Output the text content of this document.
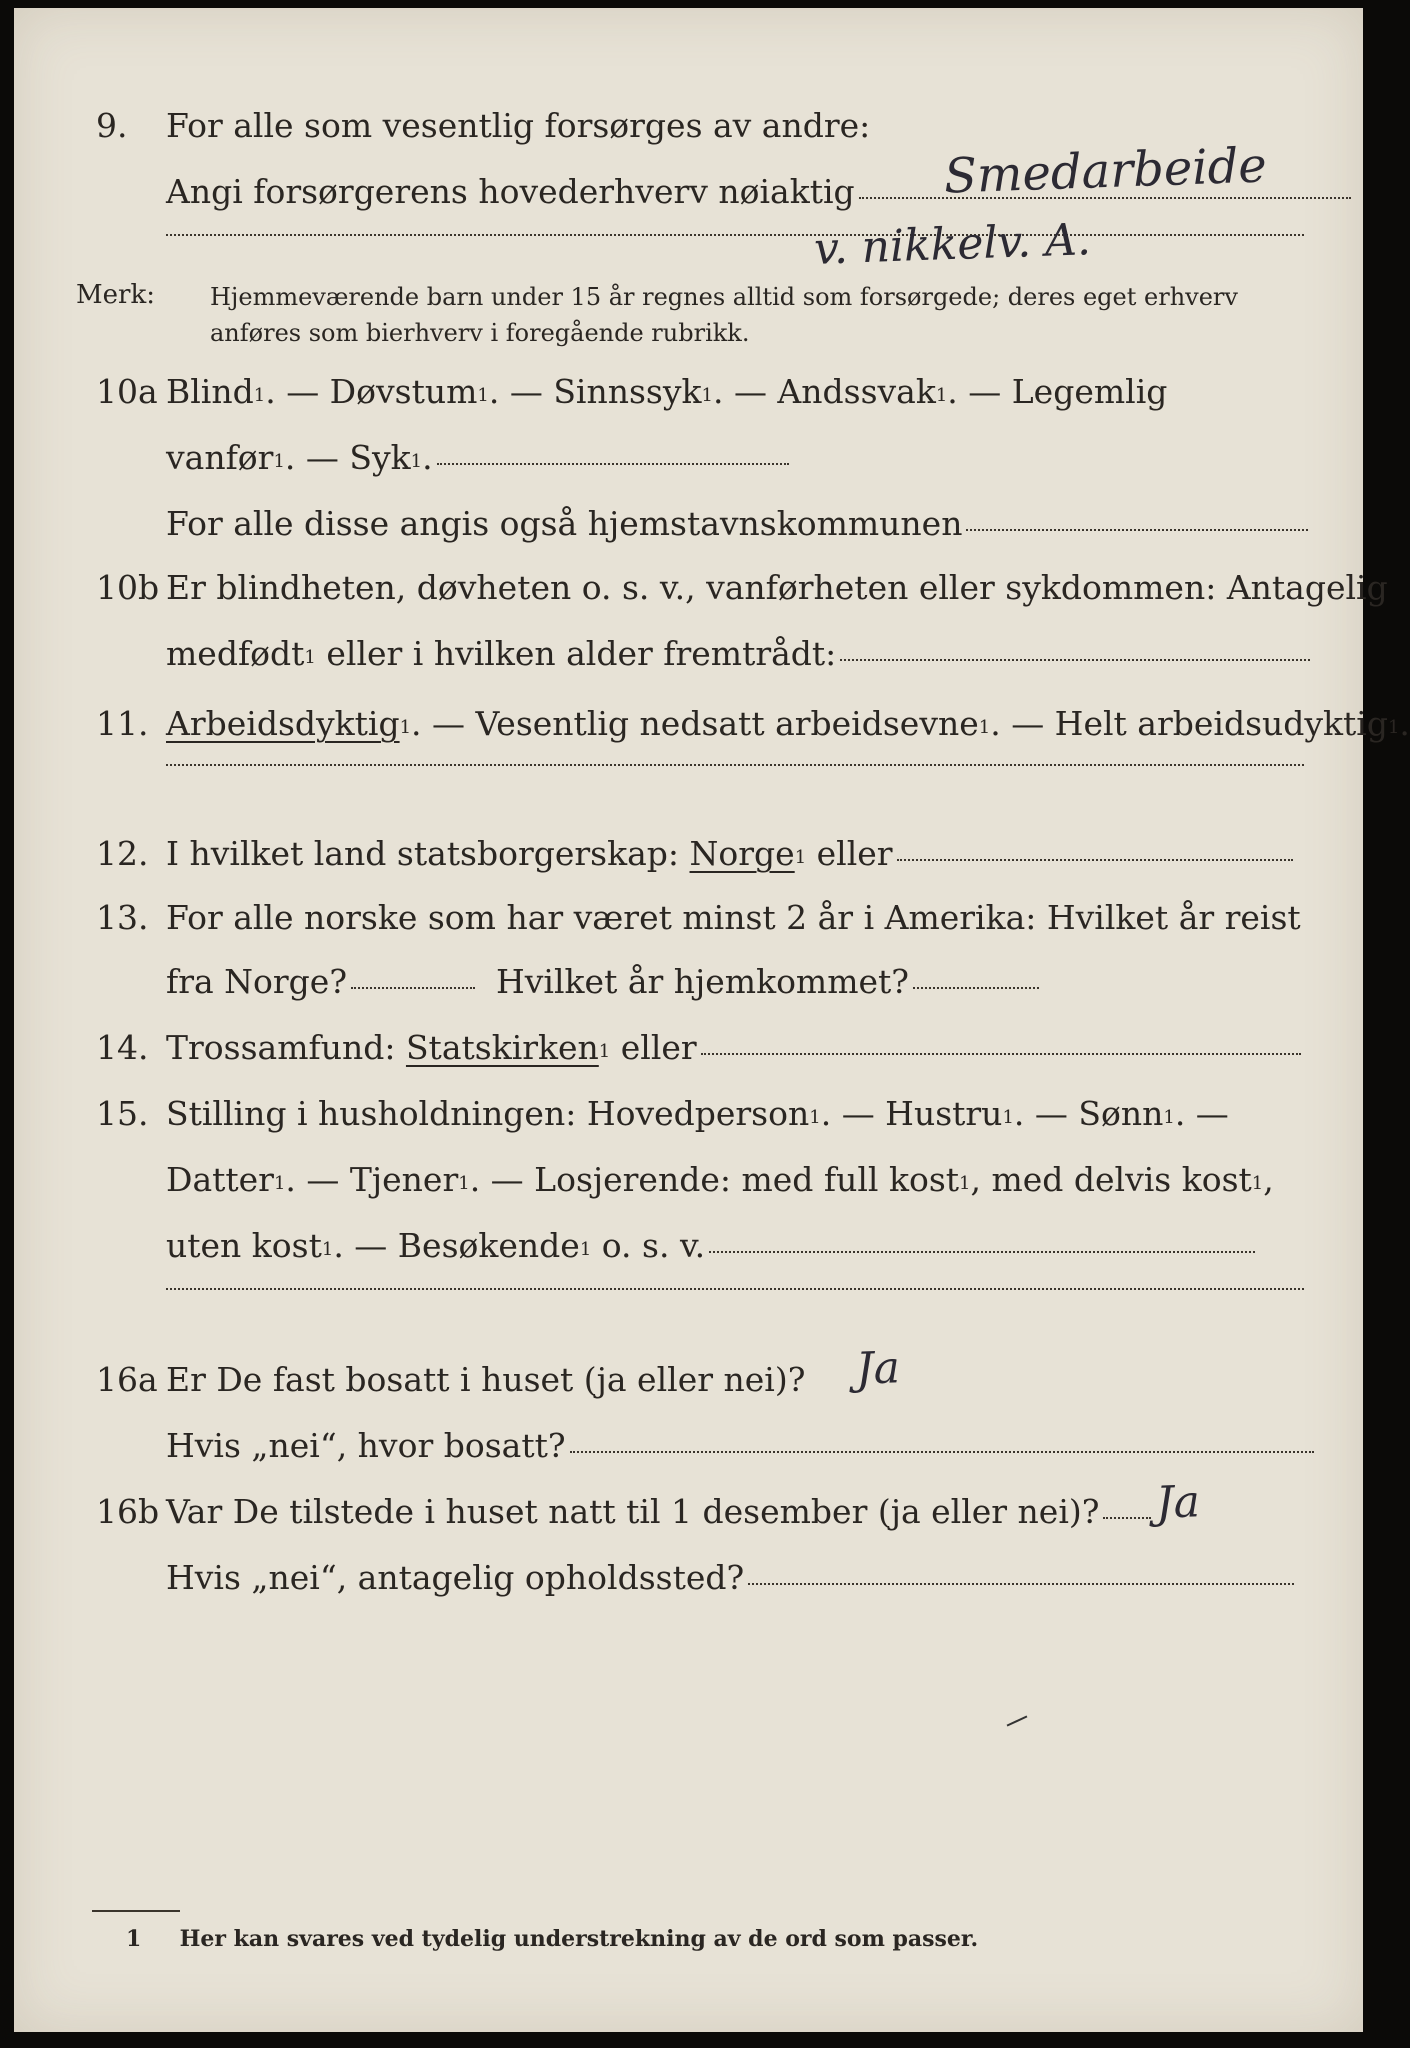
9. For alle som vesentlig forsørges av andre:
Angi forsørgerens hovederhverv nøiaktig Smedarbeide
v. nikkelv. A.
Merk: Hjemmeværende barn under 15 år regnes alltid som forsørgede; deres eget erhverv
anføres som bierhverv i foregående rubrikk.
10a Blind$^1$ . — Døvstum$^1$ . — Sinnssyk$^1$ . — Andssvak$^1$ . — Legemlig
vanfør$^1$ . — Syk$^1$ .
For alle disse angis også hjemstavnskommunen
10b Er blindheten, døvheten o. s. v., vanførheten eller sykdommen: Antagelig
medfødt$^1$
eller i hvilken alder fremtrådt:
11. Arbeidsdyktig$^1$ . — Vesentlig nedsatt arbeidsevne$^1$ . — Helt arbeidsudyktig$^1$ .
12. I hvilket land statsborgerskap:
Norge$^1$
eller
13. For alle norske som har været minst 2 år i Amerika: Hvilket år reist
fra Norge?
	Hvilket år hjemkommet?
14. Trossamfund:
Statskirken$^1$
eller
15. Stilling i husholdningen: Hovedperson$^1$ . — Hustru$^1$ . — Sønn$^1$ . —
Datter$^1$ . — Tjener$^1$ . — Losjerende: med full kost$^1$ , med delvis kost$^1$ ,
uten kost$^1$ . — Besøkende$^1$
o. s. v.
16a Er De fast bosatt i huset (ja eller nei)? Ja
Hvis „nei“, hvor bosatt?
16b Var De tilstede i huset natt til 1 desember (ja eller nei)? Ja
Hvis „nei“, antagelig opholdssted?
1 Her kan svares ved tydelig understrekning av de ord som passer.
